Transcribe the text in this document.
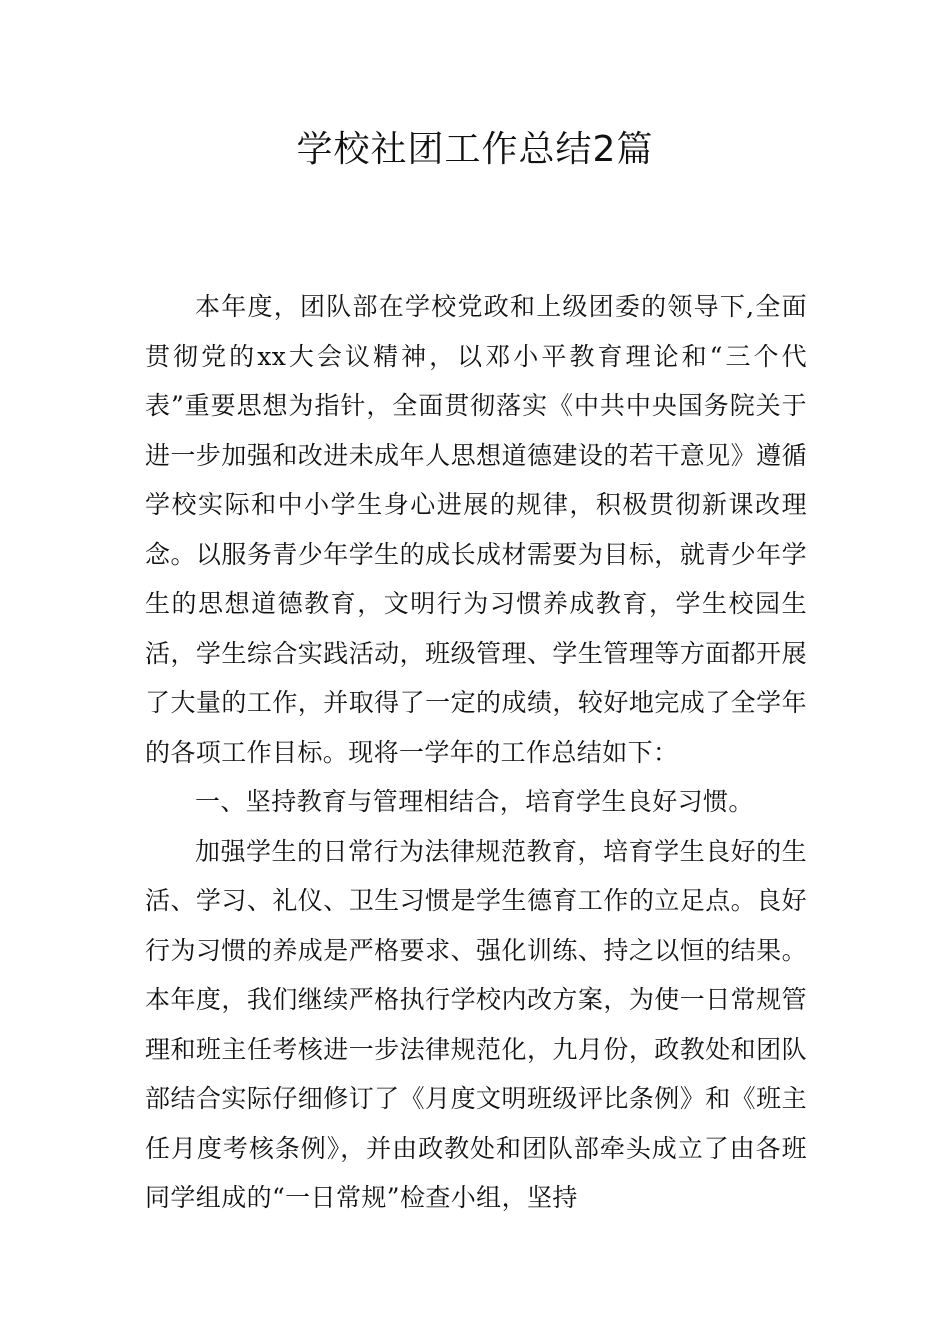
学校社团工作总结2篇

本年度，团队部在学校党政和上级团委的领导下,全面贯彻党的xx大会议精神，以邓小平教育理论和“三个代表”重要思想为指针，全面贯彻落实《中共中央国务院关于进一步加强和改进未成年人思想道德建设的若干意见》遵循学校实际和中小学生身心进展的规律，积极贯彻新课改理念。以服务青少年学生的成长成材需要为目标，就青少年学生的思想道德教育，文明行为习惯养成教育，学生校园生活，学生综合实践活动，班级管理、学生管理等方面都开展了大量的工作，并取得了一定的成绩，较好地完成了全学年的各项工作目标。现将一学年的工作总结如下：

一、坚持教育与管理相结合，培育学生良好习惯。

加强学生的日常行为法律规范教育，培育学生良好的生活、学习、礼仪、卫生习惯是学生德育工作的立足点。良好行为习惯的养成是严格要求、强化训练、持之以恒的结果。本年度，我们继续严格执行学校内改方案，为使一日常规管理和班主任考核进一步法律规范化，九月份，政教处和团队部结合实际仔细修订了《月度文明班级评比条例》和《班主任月度考核条例》，并由政教处和团队部牵头成立了由各班同学组成的“一日常规”检查小组，坚持
